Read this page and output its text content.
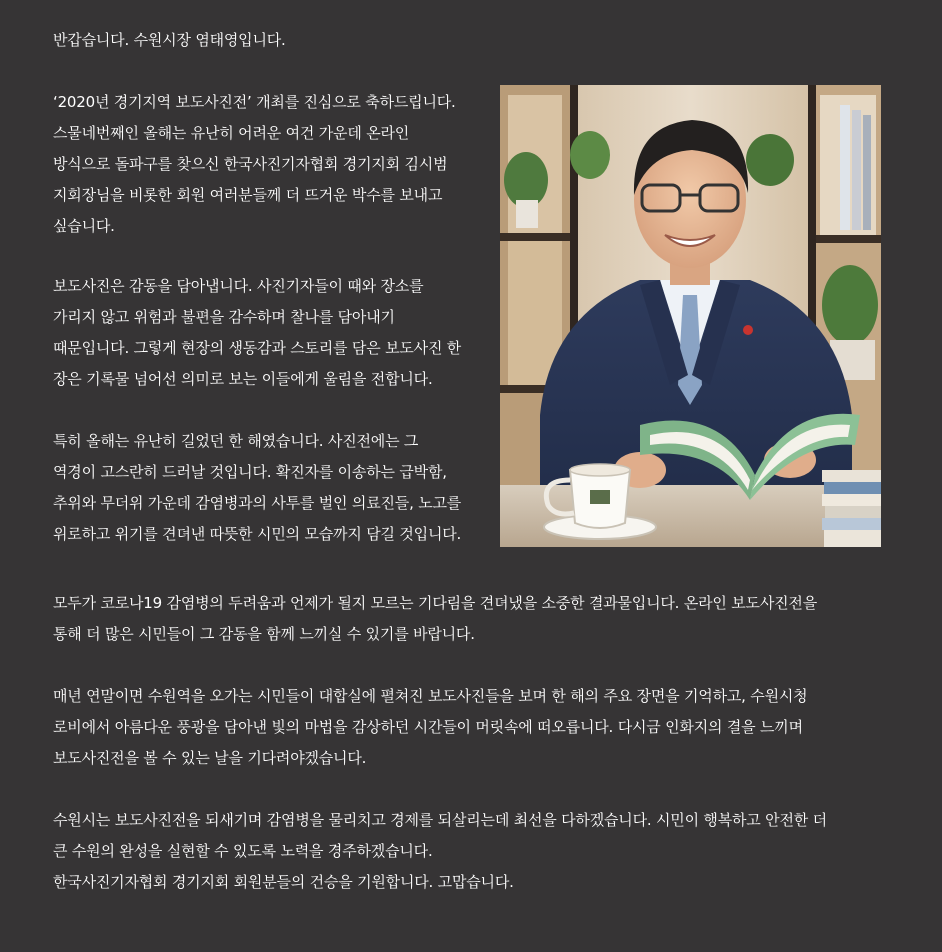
반갑습니다. 수원시장 염태영입니다.
‘2020년 경기지역 보도사진전’ 개최를 진심으로 축하드립니다.
스물네번째인 올해는 유난히 어려운 여건 가운데 온라인
방식으로 돌파구를 찾으신 한국사진기자협회 경기지회 김시범
지회장님을 비롯한 회원 여러분들께 더 뜨거운 박수를 보내고
싶습니다.
보도사진은 감동을 담아냅니다. 사진기자들이 때와 장소를
가리지 않고 위험과 불편을 감수하며 찰나를 담아내기
때문입니다. 그렇게 현장의 생동감과 스토리를 담은 보도사진 한
장은 기록물 넘어선 의미로 보는 이들에게 울림을 전합니다.
특히 올해는 유난히 길었던 한 해였습니다. 사진전에는 그
역경이 고스란히 드러날 것입니다. 확진자를 이송하는 급박함,
추위와 무더위 가운데 감염병과의 사투를 벌인 의료진들, 노고를
위로하고 위기를 견뎌낸 따뜻한 시민의 모습까지 담길 것입니다.
모두가 코로나19 감염병의 두려움과 언제가 될지 모르는 기다림을 견뎌냈을 소중한 결과물입니다. 온라인 보도사진전을
통해 더 많은 시민들이 그 감동을 함께 느끼실 수 있기를 바랍니다.
매년 연말이면 수원역을 오가는 시민들이 대합실에 펼쳐진 보도사진들을 보며 한 해의 주요 장면을 기억하고, 수원시청
로비에서 아름다운 풍광을 담아낸 빛의 마법을 감상하던 시간들이 머릿속에 떠오릅니다. 다시금 인화지의 결을 느끼며
보도사진전을 볼 수 있는 날을 기다려야겠습니다.
수원시는 보도사진전을 되새기며 감염병을 물리치고 경제를 되살리는데 최선을 다하겠습니다. 시민이 행복하고 안전한 더
큰 수원의 완성을 실현할 수 있도록 노력을 경주하겠습니다.
한국사진기자협회 경기지회 회원분들의 건승을 기원합니다. 고맙습니다.
